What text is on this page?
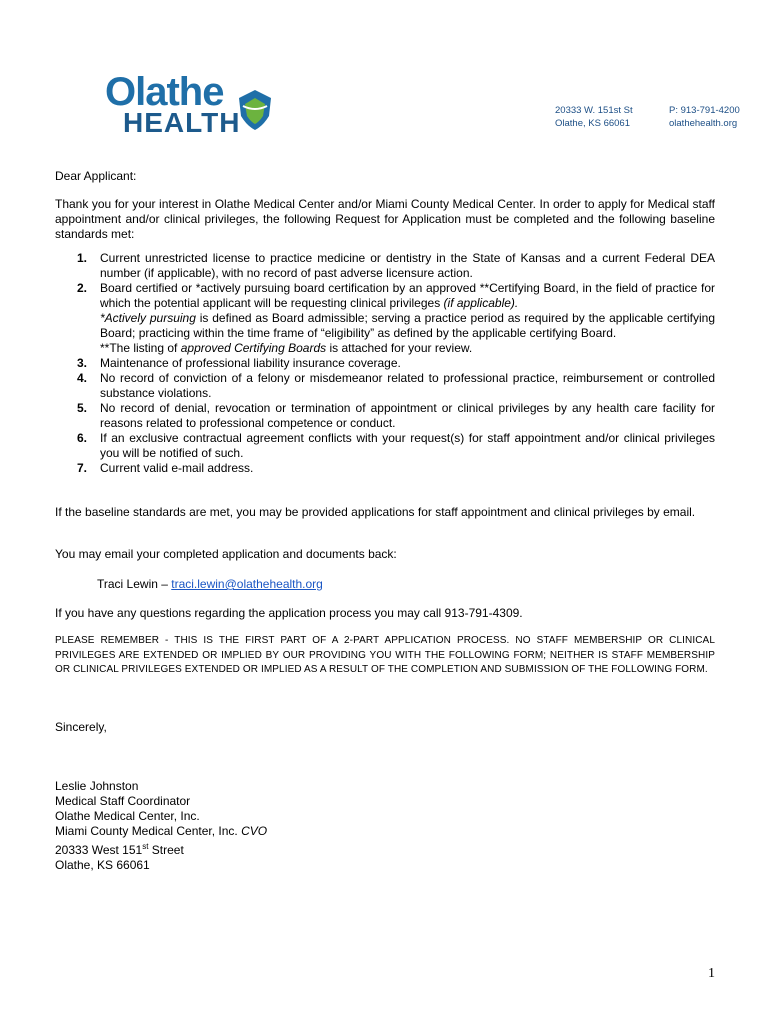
Olathe
HEALTH	20333 W. 151st St
Olathe, KS 66061
P: 913-791-4200
olathehealth.org
Dear Applicant:
Thank you for your interest in Olathe Medical Center and/or Miami County Medical Center. In order to apply for Medical staff appointment and/or clinical privileges, the following Request for Application must be completed and the following baseline standards met:
1. Current unrestricted license to practice medicine or dentistry in the State of Kansas and a current Federal DEA number (if applicable), with no record of past adverse licensure action.
2. Board certified or *actively pursuing board certification by an approved **Certifying Board, in the field of practice for which the potential applicant will be requesting clinical privileges (if applicable).
*Actively pursuing is defined as Board admissible; serving a practice period as required by the applicable certifying Board; practicing within the time frame of “eligibility” as defined by the applicable certifying Board.
**The listing of approved Certifying Boards is attached for your review.
3. Maintenance of professional liability insurance coverage.
4. No record of conviction of a felony or misdemeanor related to professional practice, reimbursement or controlled substance violations.
5. No record of denial, revocation or termination of appointment or clinical privileges by any health care facility for reasons related to professional competence or conduct.
6. If an exclusive contractual agreement conflicts with your request(s) for staff appointment and/or clinical privileges you will be notified of such.
7. Current valid e-mail address.
If the baseline standards are met, you may be provided applications for staff appointment and clinical privileges by email.
You may email your completed application and documents back:
Traci Lewin – traci.lewin@olathehealth.org
If you have any questions regarding the application process you may call 913-791-4309.
PLEASE REMEMBER - THIS IS THE FIRST PART OF A 2-PART APPLICATION PROCESS. NO STAFF MEMBERSHIP OR CLINICAL PRIVILEGES ARE EXTENDED OR IMPLIED BY OUR PROVIDING YOU WITH THE FOLLOWING FORM; NEITHER IS STAFF MEMBERSHIP OR CLINICAL PRIVILEGES EXTENDED OR IMPLIED AS A RESULT OF THE COMPLETION AND SUBMISSION OF THE FOLLOWING FORM.
Sincerely,
Leslie Johnston
Medical Staff Coordinator
Olathe Medical Center, Inc.
Miami County Medical Center, Inc. CVO
20333 West 151st Street
Olathe, KS 66061
1
